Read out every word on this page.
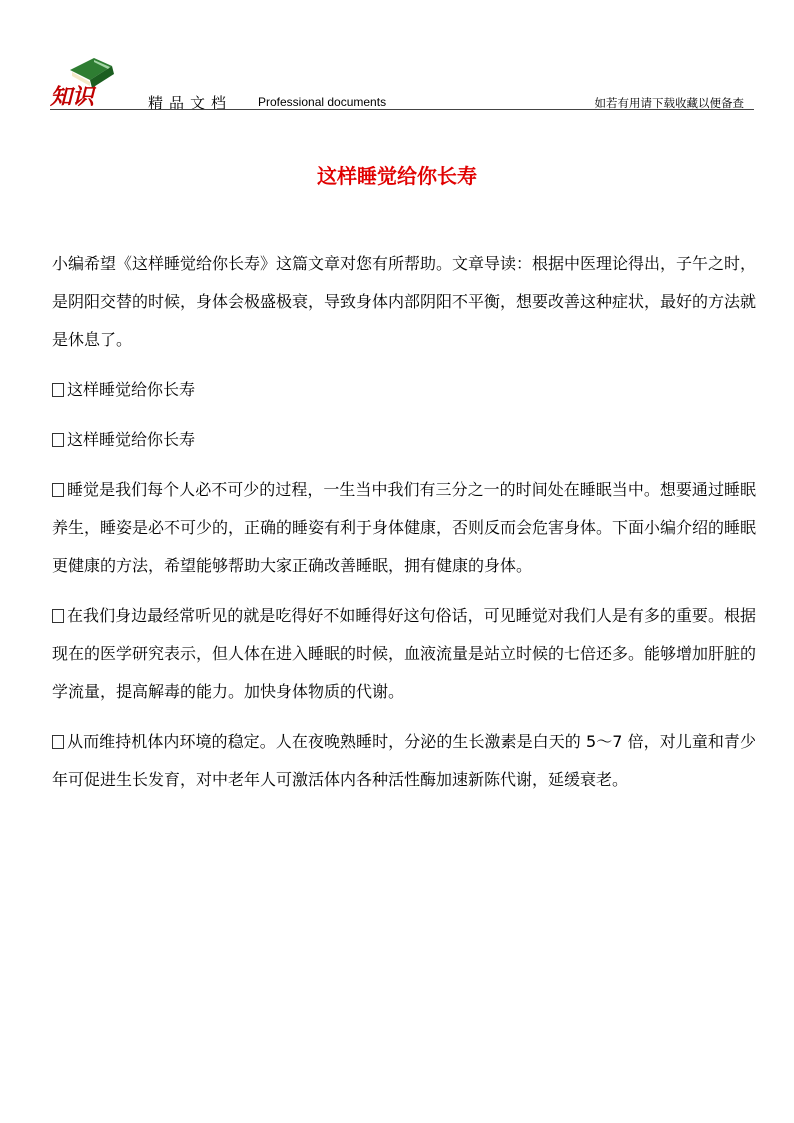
知识	精品文档 Professional documents	如若有用请下载收藏以便备查
这样睡觉给你长寿

小编希望《这样睡觉给你长寿》这篇文章对您有所帮助。文章导读：根据中医理论得出，子午之时，是阴阳交替的时候，身体会极盛极衰，导致身体内部阴阳不平衡，想要改善这种症状，最好的方法就是休息了。

这样睡觉给你长寿

这样睡觉给你长寿

睡觉是我们每个人必不可少的过程，一生当中我们有三分之一的时间处在睡眠当中。想要通过睡眠养生，睡姿是必不可少的，正确的睡姿有利于身体健康，否则反而会危害身体。下面小编介绍的睡眠更健康的方法，希望能够帮助大家正确改善睡眠，拥有健康的身体。

在我们身边最经常听见的就是吃得好不如睡得好这句俗话，可见睡觉对我们人是有多的重要。根据现在的医学研究表示，但人体在进入睡眠的时候，血液流量是站立时候的七倍还多。能够增加肝脏的学流量，提高解毒的能力。加快身体物质的代谢。

从而维持机体内环境的稳定。人在夜晚熟睡时，分泌的生长激素是白天的 5～7 倍，对儿童和青少年可促进生长发育，对中老年人可激活体内各种活性酶加速新陈代谢，延缓衰老。
